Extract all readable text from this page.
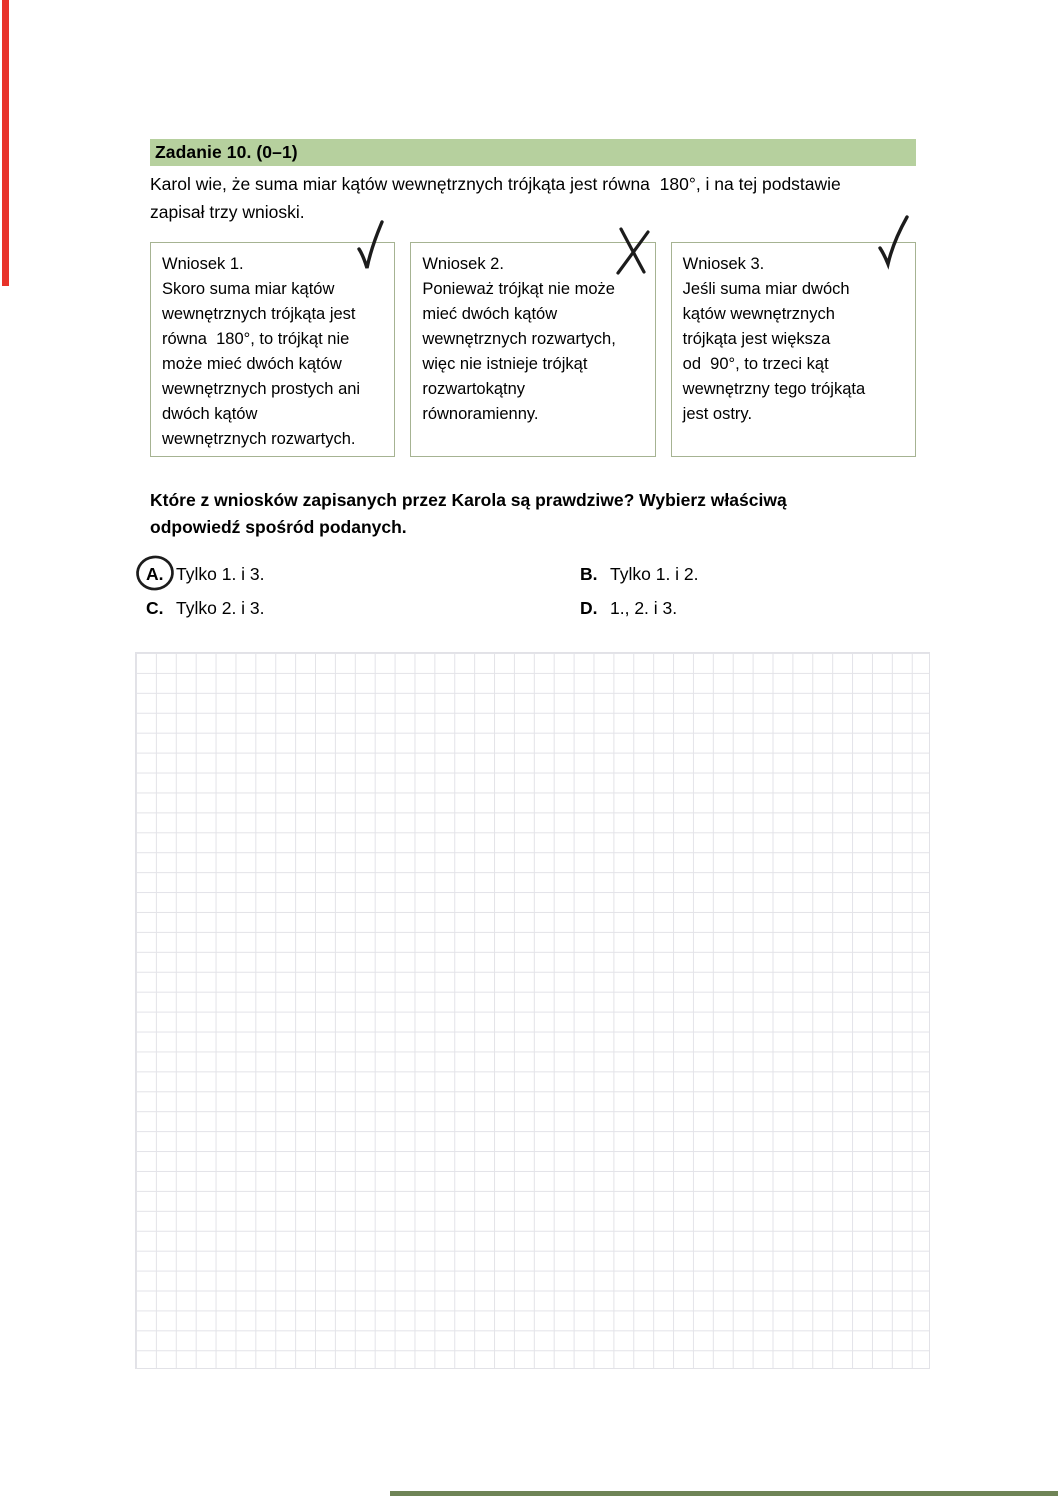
Zadanie 10. (0–1)
Karol wie, że suma miar kątów wewnętrznych trójkąta jest równa  180°, i na tej podstawie
zapisał trzy wnioski.
Wniosek 1.
Skoro suma miar kątów
wewnętrznych trójkąta jest
równa  180°, to trójkąt nie
może mieć dwóch kątów
wewnętrznych prostych ani
dwóch kątów
wewnętrznych rozwartych.
Wniosek 2.
Ponieważ trójkąt nie może
mieć dwóch kątów
wewnętrznych rozwartych,
więc nie istnieje trójkąt
rozwartokątny
równoramienny.
Wniosek 3.
Jeśli suma miar dwóch
kątów wewnętrznych
trójkąta jest większa
od  90°, to trzeci kąt
wewnętrzny tego trójkąta
jest ostry.
Które z wniosków zapisanych przez Karola są prawdziwe? Wybierz właściwą
odpowiedź spośród podanych.
A. Tylko 1. i 3.	B. Tylko 1. i 2.
C. Tylko 2. i 3.	D. 1., 2. i 3.
